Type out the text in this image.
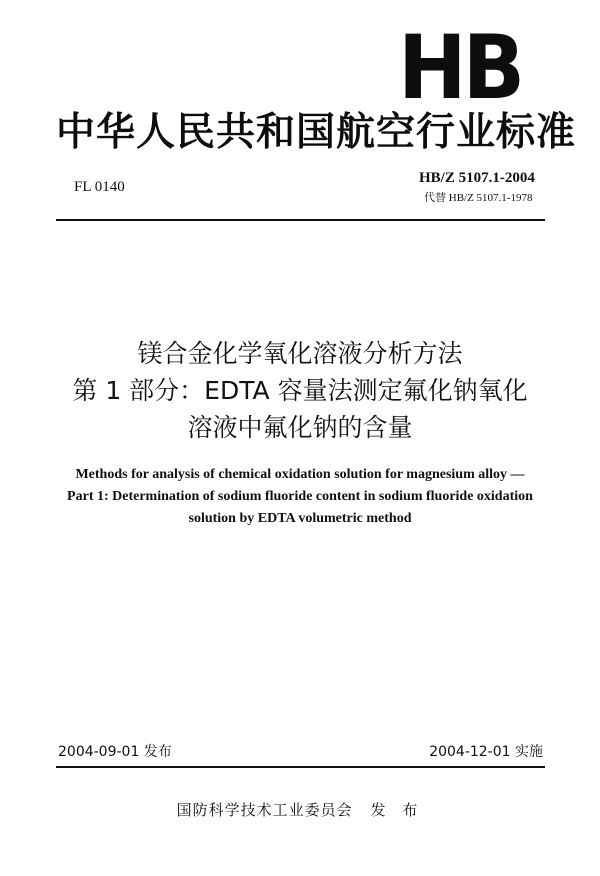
HB
中华人民共和国航空行业标准
FL 0140
HB/Z 5107.1-2004
代替 HB/Z 5107.1-1978
镁合金化学氧化溶液分析方法
第 1 部分：EDTA 容量法测定氟化钠氧化
溶液中氟化钠的含量
Methods for analysis of chemical oxidation solution for magnesium alloy —
Part 1: Determination of sodium fluoride content in sodium fluoride oxidation
solution by EDTA volumetric method
2004-09-01 发布	2004-12-01 实施
国防科学技术工业委员会 发 布
